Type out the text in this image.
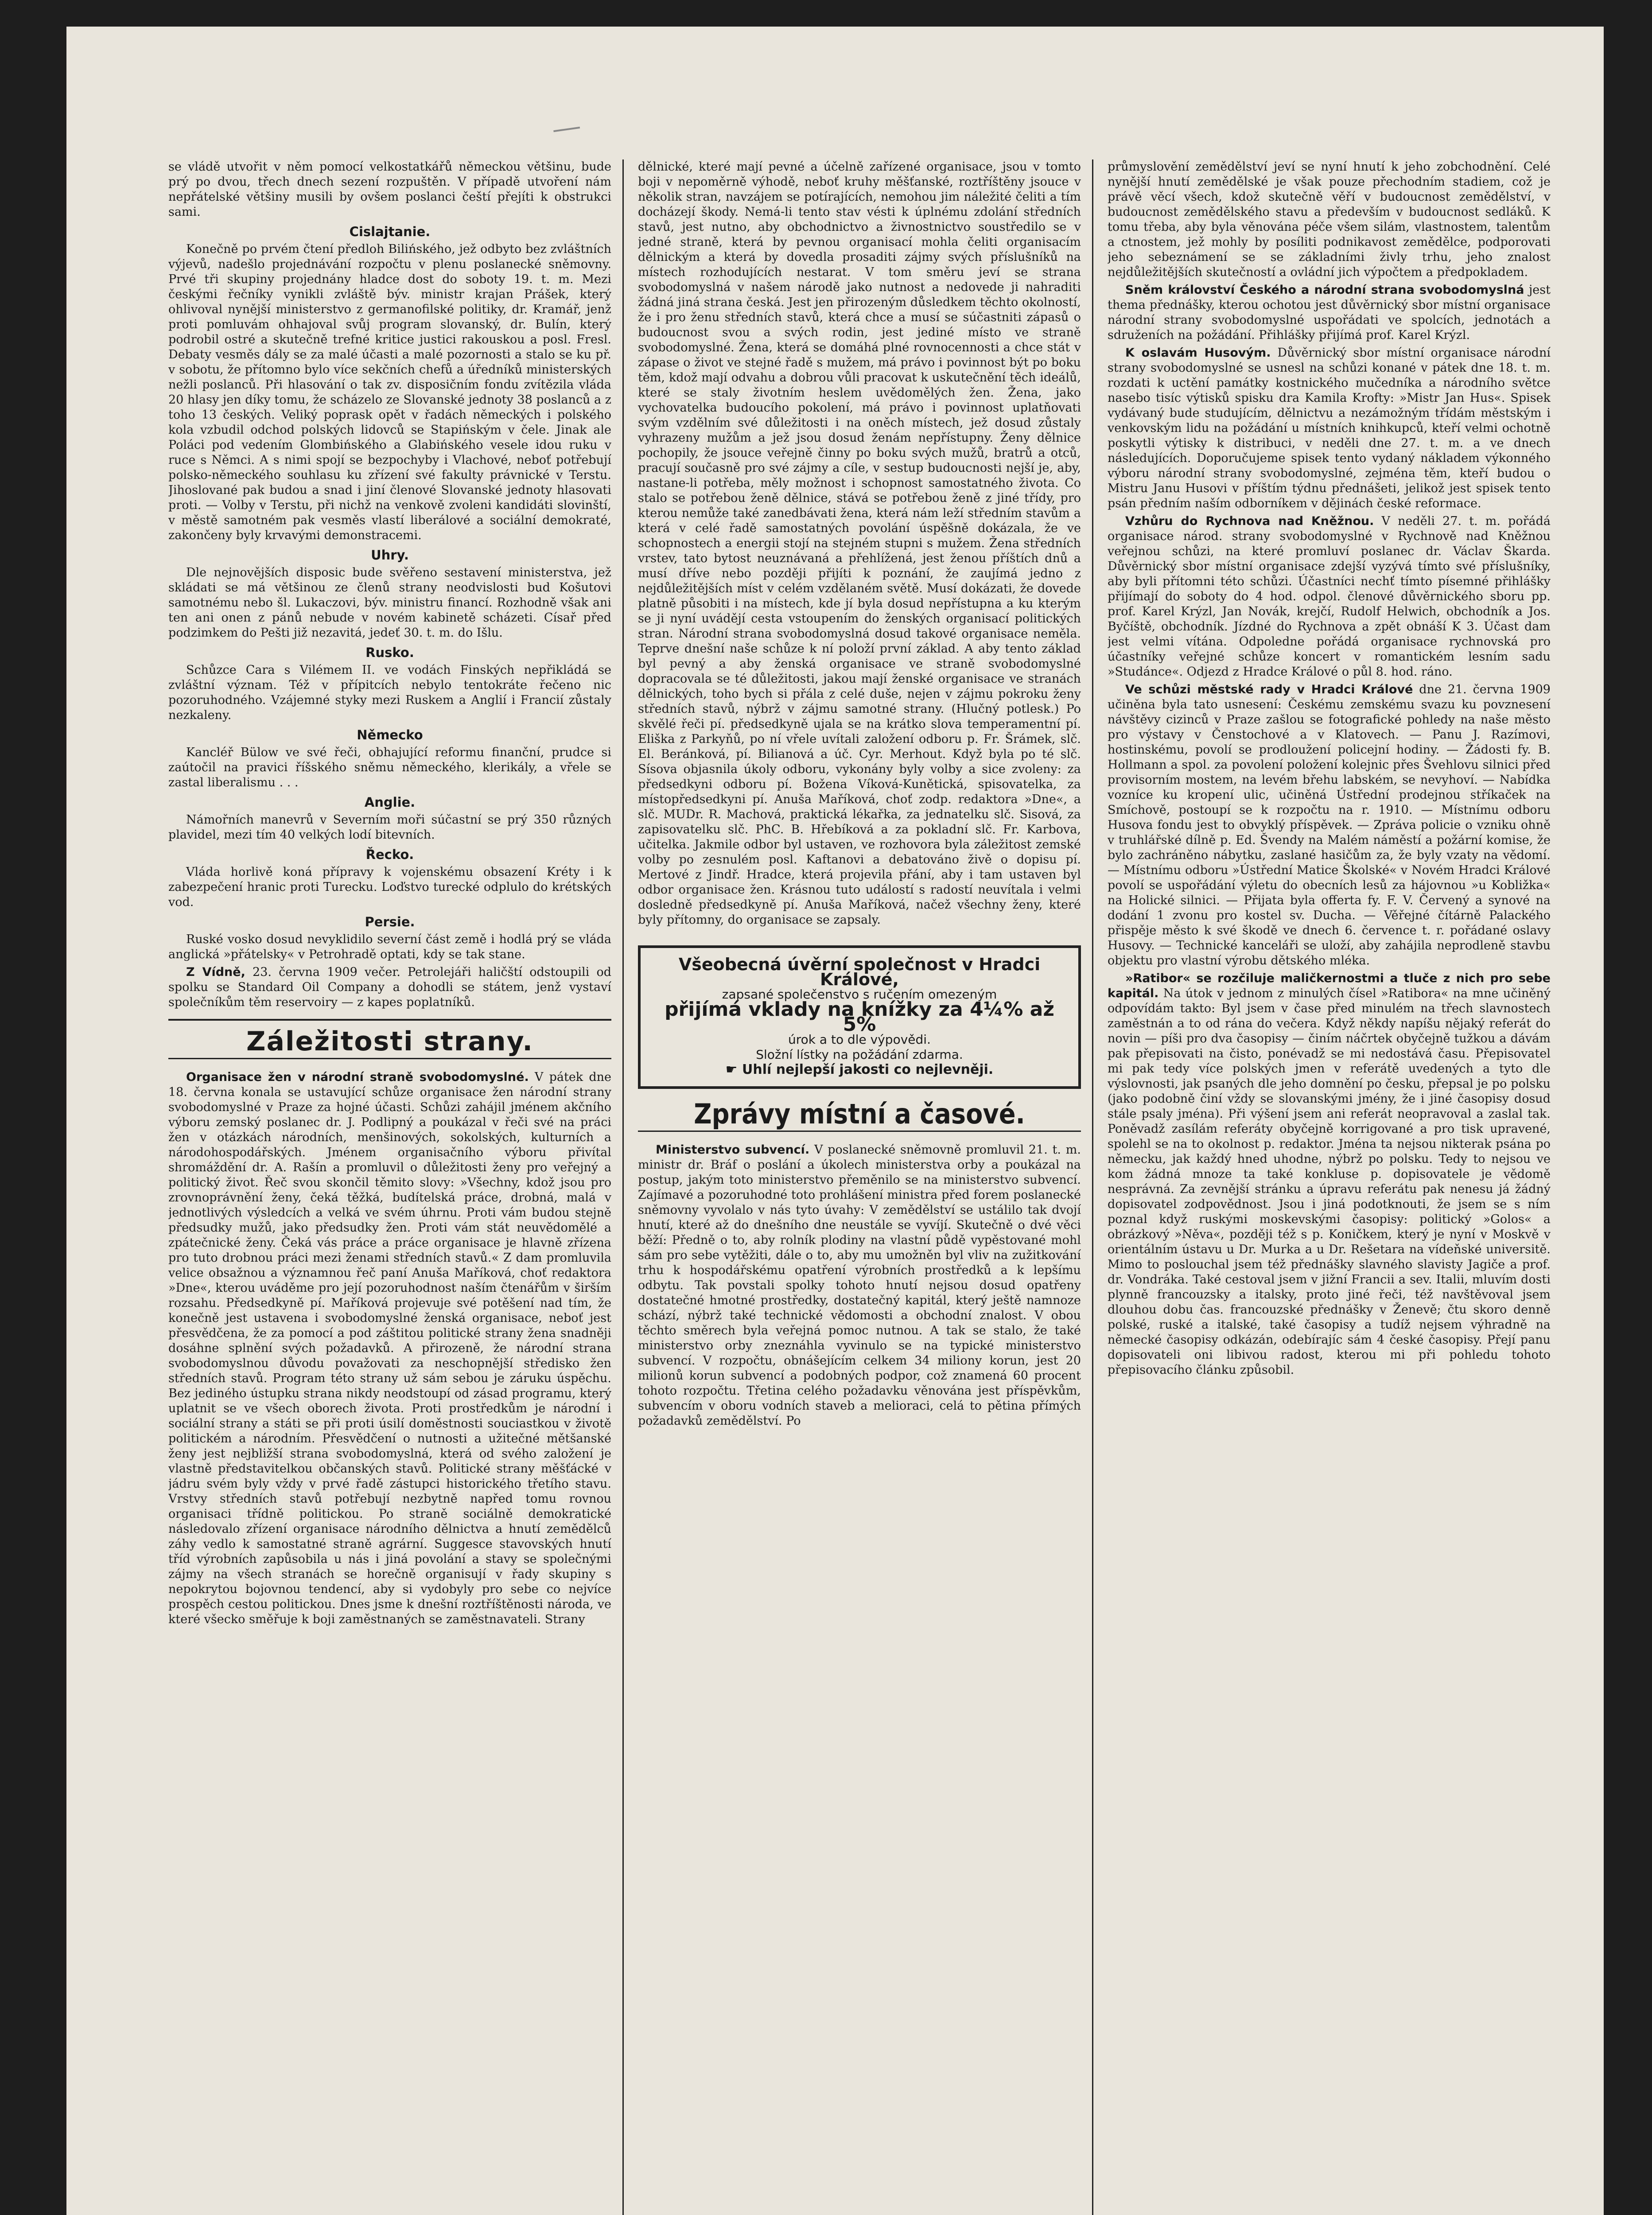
se vládě utvořit v něm pomocí velkostatkářů německou většinu, bude prý po dvou, třech dnech sezení rozpuštěn. V případě utvoření nám nepřátelské většiny musili by ovšem poslanci čeští přejíti k obstrukci sami.

Cislajtanie.

Konečně po prvém čtení předloh Bilińského, jež odbyto bez zvláštních výjevů, nadešlo projednávání rozpočtu v plenu poslanecké sněmovny. Prvé tři skupiny projednány hladce dost do soboty 19. t. m. Mezi českými řečníky vynikli zvláště býv. ministr krajan Prášek, který ohlivoval nynější ministerstvo z germanofilské politiky, dr. Kramář, jenž proti pomluvám ohhajoval svůj program slovanský, dr. Bulín, který podrobil ostré a skutečně trefné kritice justici rakouskou a posl. Fresl. Debaty vesměs dály se za malé účasti a malé pozornosti a stalo se ku př. v sobotu, že přítomno bylo více sekčních chefů a úředníků ministerských nežli poslanců. Při hlasování o tak zv. disposičním fondu zvítězila vláda 20 hlasy jen díky tomu, že scházelo ze Slovanské jednoty 38 poslanců a z toho 13 českých. Veliký poprask opět v řadách německých i polského kola vzbudil odchod polských lidovců se Stapińským v čele. Jinak ale Poláci pod vedením Glombińského a Glabińského vesele idou ruku v ruce s Němci. A s nimi spojí se bezpochyby i Vlachové, neboť potřebují polsko-německého souhlasu ku zřízení své fakulty právnické v Terstu. Jihoslované pak budou a snad i jiní členové Slovanské jednoty hlasovati proti. — Volby v Terstu, při nichž na venkově zvoleni kandidáti slovinští, v městě samotném pak vesměs vlastí liberálové a sociální demokraté, zakončeny byly krvavými demonstracemi.

Uhry.

Dle nejnovějších disposic bude svěřeno sestavení ministerstva, jež skládati se má většinou ze členů strany neodvislosti bud Košutovi samotnému nebo šl. Lukaczovi, býv. ministru financí. Rozhodně však ani ten ani onen z pánů nebude v novém kabinetě scházeti. Císař před podzimkem do Pešti již nezavitá, jedeť 30. t. m. do Išlu.

Rusko.

Schůzce Cara s Vilémem II. ve vodách Finských nepřikládá se zvláštní význam. Též v přípitcích nebylo tentokráte řečeno nic pozoruhodného. Vzájemné styky mezi Ruskem a Anglií i Francií zůstaly nezkaleny.

Německo

Kancléř Bülow ve své řeči, obhajující reformu finanční, prudce si zaútočil na pravici říšského sněmu německého, klerikály, a vřele se zastal liberalismu . . .

Anglie.

Námořních manevrů v Severním moři súčastní se prý 350 různých plavidel, mezi tím 40 velkých lodí bitevních.

Řecko.

Vláda horlivě koná přípravy k vojenskému obsazení Kréty i k zabezpečení hranic proti Turecku. Loďstvo turecké odplulo do krétských vod.

Persie.

Ruské vosko dosud nevyklidilo severní část země i hodlá prý se vláda anglická »přátelsky« v Petrohradě optati, kdy se tak stane.

Z Vídně, 23. června 1909 večer. Petrolejáři haličští odstoupili od spolku se Standard Oil Company a dohodli se státem, jenž vystaví společníkům těm reservoiry — z kapes poplatníků.

Záležitosti strany.

Organisace žen v národní straně svobodomyslné. V pátek dne 18. června konala se ustavující schůze organisace žen národní strany svobodomyslné v Praze za hojné účasti. Schůzi zahájil jménem akčního výboru zemský poslanec dr. J. Podlipný a poukázal v řeči své na práci žen v otázkách národních, menšinových, sokolských, kulturních a národohospodářských. Jménem organisačního výboru přivítal shromáždění dr. A. Rašín a promluvil o důležitosti ženy pro veřejný a politický život. Řeč svou skončil těmito slovy: »Všechny, kdož jsou pro zrovnoprávnění ženy, čeká těžká, budítelská práce, drobná, malá v jednotlivých výsledcích a velká ve svém úhrnu. Proti vám budou stejně předsudky mužů, jako předsudky žen. Proti vám stát neuvědomělé a zpátečnické ženy. Čeká vás práce a práce organisace je hlavně zřízena pro tuto drobnou práci mezi ženami středních stavů.« Z dam promluvila velice obsažnou a významnou řeč paní Anuša Maříková, choť redaktora »Dne«, kterou uváděme pro její pozoruhodnost naším čtenářům v širším rozsahu. Předsedkyně pí. Maříková projevuje své potěšení nad tím, že konečně jest ustavena i svobodomyslné ženská organisace, neboť jest přesvědčena, že za pomocí a pod záštitou politické strany žena snadněji dosáhne splnění svých požadavků. A přirozeně, že národní strana svobodomyslnou důvodu považovati za neschopnější středisko žen středních stavů. Program této strany už sám sebou je záruku úspěchu. Bez jediného ústupku strana nikdy neodstoupí od zásad programu, který uplatnit se ve všech oborech života. Proti prostředkům je národní i sociální strany a státi se při proti úsilí doměstnosti souciastkou v životě politickém a národním. Přesvědčení o nutnosti a užitečné mětšanské ženy jest nejbližší strana svobodomyslná, která od svého založení je vlastně představitelkou občanských stavů. Politické strany měšťácké v jádru svém byly vždy v prvé řadě zástupci historického třetího stavu. Vrstvy středních stavů potřebují nezbytně napřed tomu rovnou organisaci třídně politickou. Po straně sociálně demokratické následovalo zřízení organisace národního dělnictva a hnutí zemědělců záhy vedlo k samostatné straně agrární. Suggesce stavovských hnutí tříd výrobních zapůsobila u nás i jiná povolání a stavy se společnými zájmy na všech stranách se horečně organisují v řady skupiny s nepokrytou bojovnou tendencí, aby si vydobyly pro sebe co nejvíce prospěch cestou politickou. Dnes jsme k dnešní roztříštěnosti národa, ve které všecko směřuje k boji zaměstnaných se zaměstnavateli. Strany

dělnické, které mají pevné a účelně zařízené organisace, jsou v tomto boji v nepoměrně výhodě, neboť kruhy měšťanské, roztříštěny jsouce v několik stran, navzájem se potírajících, nemohou jim náležité čeliti a tím docházejí škody. Nemá-li tento stav vésti k úplnému zdolání středních stavů, jest nutno, aby obchodnictvo a živnostnictvo soustředilo se v jedné straně, která by pevnou organisací mohla čeliti organisacím dělnickým a která by dovedla prosaditi zájmy svých příslušníků na místech rozhodujících nestarat. V tom směru jeví se strana svobodomyslná v našem národě jako nutnost a nedovede ji nahraditi žádná jiná strana česká. Jest jen přirozeným důsledkem těchto okolností, že i pro ženu středních stavů, která chce a musí se súčastniti zápasů o budoucnost svou a svých rodin, jest jediné místo ve straně svobodomyslné. Žena, která se domáhá plné rovnocennosti a chce stát v zápase o život ve stejné řadě s mužem, má právo i povinnost být po boku těm, kdož mají odvahu a dobrou vůli pracovat k uskutečnění těch ideálů, které se staly životním heslem uvědomělých žen. Žena, jako vychovatelka budoucího pokolení, má právo i povinnost uplatňovati svým vzdělním své důležitosti i na oněch místech, jež dosud zůstaly vyhrazeny mužům a jež jsou dosud ženám nepřístupny. Ženy dělnice pochopily, že jsouce veřejně činny po boku svých mužů, bratrů a otců, pracují současně pro své zájmy a cíle, v sestup budoucnosti nejší je, aby, nastane-li potřeba, měly možnost i schopnost samostatného života. Co stalo se potřebou ženě dělnice, stává se potřebou ženě z jiné třídy, pro kterou nemůže také zanedbávati žena, která nám leží středním stavům a která v celé řadě samostatných povolání úspěšně dokázala, že ve schopnostech a energii stojí na stejném stupni s mužem. Žena středních vrstev, tato bytost neuznávaná a přehlížená, jest ženou příštích dnů a musí dříve nebo později přijíti k poznání, že zaujímá jedno z nejdůležitějších míst v celém vzdělaném světě. Musí dokázati, že dovede platně působiti i na místech, kde jí byla dosud nepřístupna a ku kterým se ji nyní uvádějí cesta vstoupením do ženských organisací politických stran. Národní strana svobodomyslná dosud takové organisace neměla. Teprve dnešní naše schůze k ní položí první základ. A aby tento základ byl pevný a aby ženská organisace ve straně svobodomyslné dopracovala se té důležitosti, jakou mají ženské organisace ve stranách dělnických, toho bych si přála z celé duše, nejen v zájmu pokroku ženy středních stavů, nýbrž v zájmu samotné strany. (Hlučný potlesk.) Po skvělé řeči pí. předsedkyně ujala se na krátko slova temperamentní pí. Eliška z Parkyňů, po ní vřele uvítali založení odboru p. Fr. Šrámek, slč. El. Beránková, pí. Bilianová a úč. Cyr. Merhout. Když byla po té slč. Sísova objasnila úkoly odboru, vykonány byly volby a sice zvoleny: za předsedkyni odboru pí. Božena Víková-Kunětická, spisovatelka, za místopředsedkyni pí. Anuša Maříková, choť zodp. redaktora »Dne«, a slč. MUDr. R. Machová, praktická lékařka, za jednatelku slč. Sisová, za zapisovatelku slč. PhC. B. Hřebíková a za pokladní slč. Fr. Karbova, učitelka. Jakmile odbor byl ustaven, ve rozhovora byla záležitost zemské volby po zesnulém posl. Kaftanovi a debatováno živě o dopisu pí. Mertové z Jindř. Hradce, která projevila přání, aby i tam ustaven byl odbor organisace žen. Krásnou tuto událostí s radostí neuvítala i velmi dosledně předsedkyně pí. Anuša Maříková, načež všechny ženy, které byly přítomny, do organisace se zapsaly.

Všeobecná úvěrní společnost v Hradci Králové,
zapsané společenstvo s ručením omezeným
přijímá vklady na knížky za 4¼% až 5%
úrok a to dle výpovědi.
Složní lístky na požádání zdarma.
☛ Uhlí nejlepší jakosti co nejlevněji.
Zprávy místní a časové.

Ministerstvo subvencí. V poslanecké sněmovně promluvil 21. t. m. ministr dr. Bráf o poslání a úkolech ministerstva orby a poukázal na postup, jakým toto ministerstvo přeměnilo se na ministerstvo subvencí. Zajímavé a pozoruhodné toto prohlášení ministra před forem poslanecké sněmovny vyvolalo v nás tyto úvahy: V zemědělství se ustálilo tak dvojí hnutí, které až do dnešního dne neustále se vyvíjí. Skutečně o dvé věci běží: Předně o to, aby rolník plodiny na vlastní půdě vypěstované mohl sám pro sebe vytěžiti, dále o to, aby mu umožněn byl vliv na zužitkování trhu k hospodářskému opatření výrobních prostředků a k lepšímu odbytu. Tak povstali spolky tohoto hnutí nejsou dosud opatřeny dostatečné hmotné prostředky, dostatečný kapitál, který ještě namnoze schází, nýbrž také technické vědomosti a obchodní znalost. V obou těchto směrech byla veřejná pomoc nutnou. A tak se stalo, že také ministerstvo orby zneznáhla vyvinulo se na typické ministerstvo subvencí. V rozpočtu, obnášejícím celkem 34 miliony korun, jest 20 milionů korun subvencí a podobných podpor, což znamená 60 procent tohoto rozpočtu. Třetina celého požadavku věnována jest příspěvkům, subvencím v oboru vodních staveb a melioraci, celá to pětina přímých požadavků zemědělství. Po

průmyslovění zemědělství jeví se nyní hnutí k jeho zobchodnění. Celé nynější hnutí zemědělské je však pouze přechodním stadiem, což je právě věcí všech, kdož skutečně věří v budoucnost zemědělství, v budoucnost zemědělského stavu a především v budoucnost sedláků. K tomu třeba, aby byla věnována péče všem silám, vlastnostem, talentům a ctnostem, jež mohly by posíliti podnikavost zemědělce, podporovati jeho sebeznámení se se základními živly trhu, jeho znalost nejdůležitějších skutečností a ovládní jich výpočtem a předpokladem.

Sněm království Českého a národní strana svobodomyslná jest thema přednášky, kterou ochotou jest důvěrnický sbor místní organisace národní strany svobodomyslné uspořádati ve spolcích, jednotách a sdruženích na požádání. Přihlášky přijímá prof. Karel Krýzl.

K oslavám Husovým. Důvěrnický sbor místní organisace národní strany svobodomyslné se usnesl na schůzi konané v pátek dne 18. t. m. rozdati k uctění památky kostnického mučedníka a národního světce nasebo tisíc výtisků spisku dra Kamila Krofty: »Mistr Jan Hus«. Spisek vydávaný bude studujícím, dělnictvu a nezámožným třídám městským i venkovským lidu na požádání u místních knihkupců, kteří velmi ochotně poskytli výtisky k distribuci, v neděli dne 27. t. m. a ve dnech následujících. Doporučujeme spisek tento vydaný nákladem výkonného výboru národní strany svobodomyslné, zejména těm, kteří budou o Mistru Janu Husovi v příštím týdnu přednášeti, jelikož jest spisek tento psán předním naším odborníkem v dějinách české reformace.

Vzhůru do Rychnova nad Kněžnou. V neděli 27. t. m. pořádá organisace národ. strany svobodomyslné v Rychnově nad Kněžnou veřejnou schůzi, na které promluví poslanec dr. Václav Škarda. Důvěrnický sbor místní organisace zdejší vyzývá tímto své příslušníky, aby byli přítomni této schůzi. Účastníci nechť tímto písemné přihlášky přijímají do soboty do 4 hod. odpol. členové důvěrnického sboru pp. prof. Karel Krýzl, Jan Novák, krejčí, Rudolf Helwich, obchodník a Jos. Byčíště, obchodník. Jízdné do Rychnova a zpět obnáší K 3. Účast dam jest velmi vítána. Odpoledne pořádá organisace rychnovská pro účastníky veřejné schůze koncert v romantickém lesním sadu »Studánce«. Odjezd z Hradce Králové o půl 8. hod. ráno.

Ve schůzi městské rady v Hradci Králové dne 21. června 1909 učiněna byla tato usnesení: Českému zemskému svazu ku povznesení návštěvy cizinců v Praze zašlou se fotografické pohledy na naše město pro výstavy v Čenstochové a v Klatovech. — Panu J. Razímovi, hostinskému, povolí se prodloužení policejní hodiny. — Žádosti fy. B. Hollmann a spol. za povolení položení kolejnic přes Švehlovu silnici před provisorním mostem, na levém břehu labském, se nevyhoví. — Nabídka vozníce ku kropení ulic, učiněná Ústřední prodejnou stříkaček na Smíchově, postoupí se k rozpočtu na r. 1910. — Místnímu odboru Husova fondu jest to obvyklý příspěvek. — Zpráva policie o vzniku ohně v truhlářské dílně p. Ed. Švendy na Malém náměstí a požární komise, že bylo zachráněno nábytku, zaslané hasičům za, že byly vzaty na vědomí. — Místnímu odboru »Ústřední Matice Školské« v Novém Hradci Králové povolí se uspořádání výletu do obecních lesů za hájovnou »u Kobližka« na Holické silnici. — Přijata byla offerta fy. F. V. Červený a synové na dodání 1 zvonu pro kostel sv. Ducha. — Věřejné čítárně Palackého přispěje město k své škodě ve dnech 6. července t. r. pořádané oslavy Husovy. — Technické kanceláři se uloží, aby zahájila neprodleně stavbu objektu pro vlastní výrobu dětského mléka.

»Ratibor« se rozčiluje maličkernostmi a tluče z nich pro sebe kapitál. Na útok v jednom z minulých čísel »Ratibora« na mne učiněný odpovídám takto: Byl jsem v čase před minulém na třech slavnostech zaměstnán a to od rána do večera. Když někdy napíšu nějaký referát do novin — píši pro dva časopisy — činím náčrtek obyčejně tužkou a dávám pak přepisovati na čisto, ponévadž se mi nedostává času. Přepisovatel mi pak tedy více polských jmen v referátě uvedených a tyto dle výslovnosti, jak psaných dle jeho domnění po česku, přepsal je po polsku (jako podobně činí vždy se slovanskými jmény, že i jiné časopisy dosud stále psaly jména). Při výšení jsem ani referát neopravoval a zaslal tak. Poněvadž zasílám referáty obyčejně korrigované a pro tisk upravené, spolehl se na to okolnost p. redaktor. Jména ta nejsou nikterak psána po německu, jak každý hned uhodne, nýbrž po polsku. Tedy to nejsou ve kom žádná mnoze ta také konkluse p. dopisovatele je vědomě nesprávná. Za zevnější stránku a úpravu referátu pak nenesu já žádný dopisovatel zodpovědnost. Jsou i jiná podotknouti, že jsem se s ním poznal když ruskými moskevskými časopisy: politický »Golos« a obrázkový »Něva«, později též s p. Koničkem, který je nyní v Moskvě v orientálním ústavu u Dr. Murka a u Dr. Rešetara na vídeňské universitě. Mimo to poslouchal jsem též přednášky slavného slavisty Jagiče a prof. dr. Vondráka. Také cestoval jsem v jižní Francii a sev. Italii, mluvím dosti plynně francouzsky a italsky, proto jiné řeči, též navštěvoval jsem dlouhou dobu čas. francouzské přednášky v Ženevě; čtu skoro denně polské, ruské a italské, také časopisy a tudíž nejsem výhradně na německé časopisy odkázán, odebírajíc sám 4 české časopisy. Přejí panu dopisovateli oni libivou radost, kterou mi při pohledu tohoto přepisovacího článku způsobil.
